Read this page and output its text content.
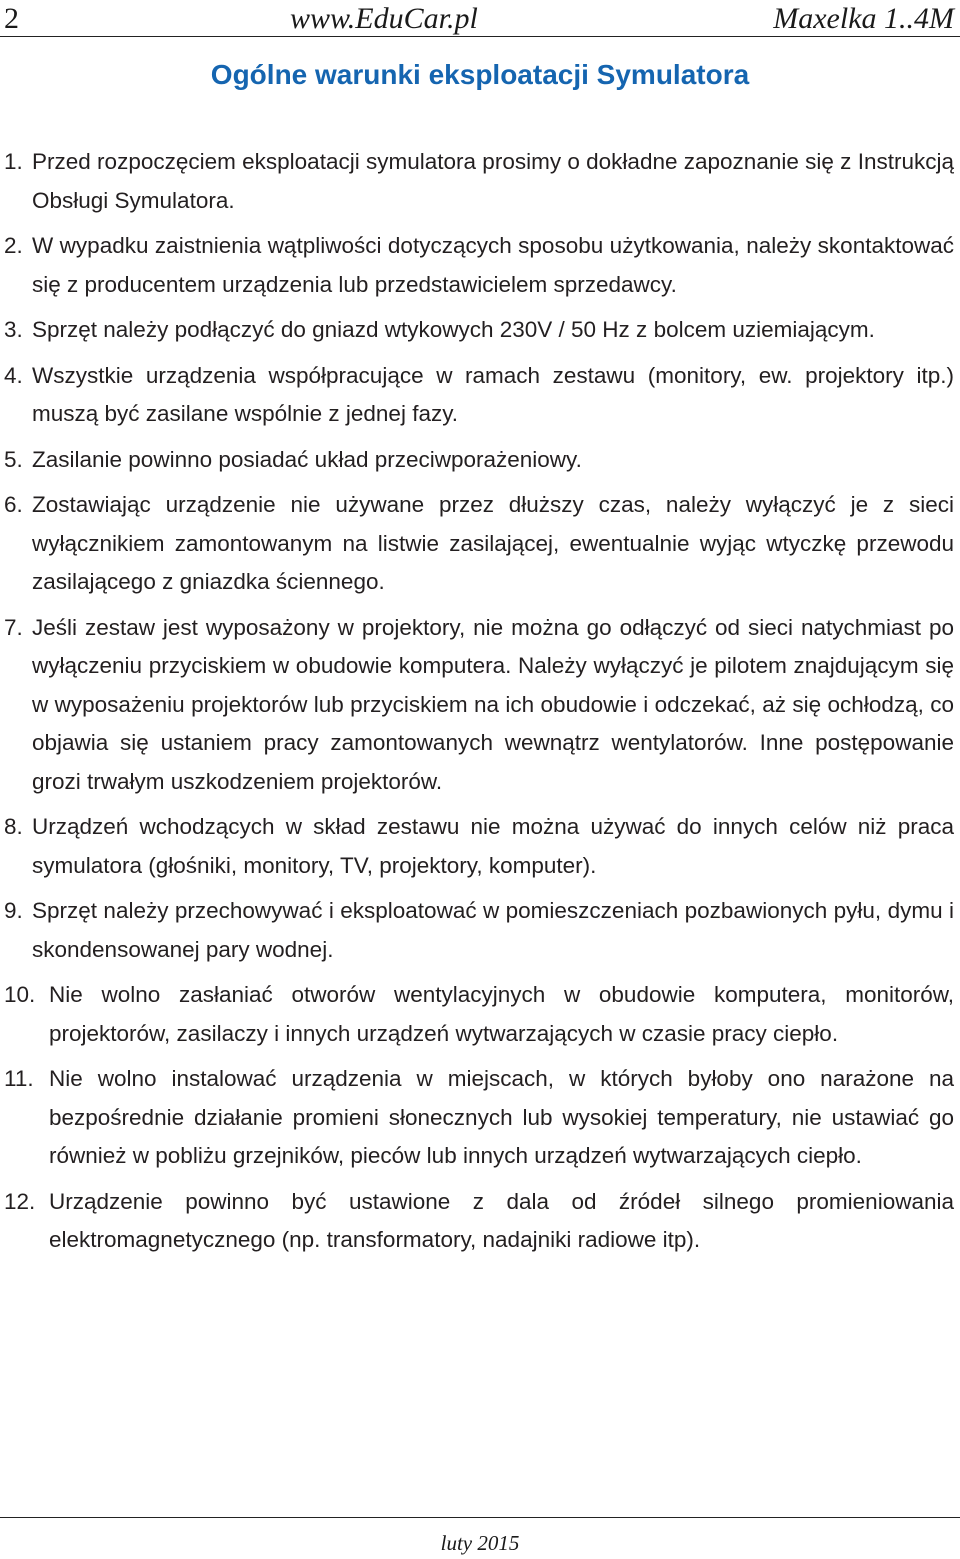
2	www.EduCar.pl	Maxelka 1..4M
Ogólne warunki eksploatacji Symulatora
1. Przed rozpoczęciem eksploatacji symulatora prosimy o dokładne zapoznanie się z Instrukcją Obsługi Symulatora.
2. W wypadku zaistnienia wątpliwości dotyczących sposobu użytkowania, należy skontaktować się z producentem urządzenia lub przedstawicielem sprzedawcy.
3. Sprzęt należy podłączyć do gniazd wtykowych 230V / 50 Hz z bolcem uziemiającym.
4. Wszystkie urządzenia współpracujące w ramach zestawu (monitory, ew. projektory itp.) muszą być zasilane wspólnie z jednej fazy.
5. Zasilanie powinno posiadać układ przeciwporażeniowy.
6. Zostawiając urządzenie nie używane przez dłuższy czas, należy wyłączyć je z sieci wyłącznikiem zamontowanym na listwie zasilającej, ewentualnie wyjąc wtyczkę przewodu zasilającego z gniazdka ściennego.
7. Jeśli zestaw jest wyposażony w projektory, nie można go odłączyć od sieci natychmiast po wyłączeniu przyciskiem w obudowie komputera. Należy wyłączyć je pilotem znajdującym się w wyposażeniu projektorów lub przyciskiem na ich obudowie i odczekać, aż się ochłodzą, co objawia się ustaniem pracy zamontowanych wewnątrz wentylatorów. Inne postępowanie grozi trwałym uszkodzeniem projektorów.
8. Urządzeń wchodzących w skład zestawu nie można używać do innych celów niż praca symulatora (głośniki, monitory, TV, projektory, komputer).
9. Sprzęt należy przechowywać i eksploatować w pomieszczeniach pozbawionych pyłu, dymu i skondensowanej pary wodnej.
10. Nie wolno zasłaniać otworów wentylacyjnych w obudowie komputera, monitorów, projektorów, zasilaczy i innych urządzeń wytwarzających w czasie pracy ciepło.
11. Nie wolno instalować urządzenia w miejscach, w których byłoby ono narażone na bezpośrednie działanie promieni słonecznych lub wysokiej temperatury, nie ustawiać go również w pobliżu grzejników, pieców lub innych urządzeń wytwarzających ciepło.
12. Urządzenie powinno być ustawione z dala od źródeł silnego promieniowania elektromagnetycznego (np. transformatory, nadajniki radiowe itp).
luty 2015
